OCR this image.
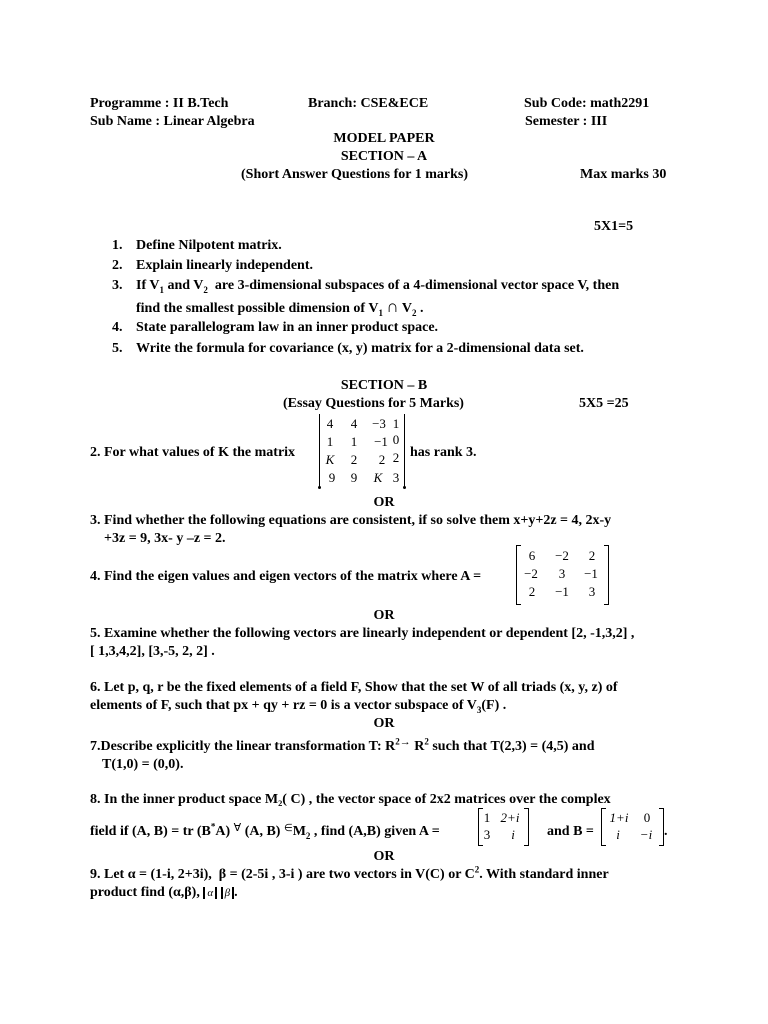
Programme : II B.Tech	Branch: CSE&ECE	Sub Code: math2291
Sub Name : Linear Algebra	Semester : III
MODEL PAPER
SECTION – A
(Short Answer Questions for 1 marks)	Max marks 30
5X1=5
1. Define Nilpotent matrix.
2. Explain linearly independent.
3. If $V_1$ and $V_2$  are 3-dimensional subspaces of a 4-dimensional vector space V, then
find the smallest possible dimension of $V_1$ ∩ $V_2$ .
4. State parallelogram law in an inner product space.
5. Write the formula for covariance (x, y) matrix for a 2-dimensional data set.
SECTION – B
(Essay Questions for 5 Marks)	5X5 =25
2. For what values of K the matrix
4 4	−3 1
1 1	−1 0
K 2 2 2
9 9 K 3
has rank 3.
OR
3. Find whether the following equations are consistent, if so solve them x+y+2z = 4, 2x-y
+3z = 9, 3x- y –z = 2.
4. Find the eigen values and eigen vectors of the matrix where A =
6	−2	2
−2	3	−1
2	−1	3
OR
5. Examine whether the following vectors are linearly independent or dependent [2, -1,3,2] ,
[ 1,3,4,2], [3,-5, 2, 2] .
6. Let p, q, r be the fixed elements of a field F, Show that the set W of all triads (x, y, z) of
elements of F, such that px + qy + rz = 0 is a vector subspace of $V_3(F)$ .
OR
7.Describe explicitly the linear transformation T: $R^{2\to}$ $R^2$ such that T(2,3) = (4,5) and
T(1,0) = (0,0).
8. In the inner product space M₂( C) , the vector space of 2x2 matrices over the complex
field if (A, B) = tr (B*A) ∀ (A, B) $^\in M_2$ , find (A,B) given A =
1 2+i
3	i	and B =
1+i	0
i	−i .
OR
9. Let α = (1-i, 2+3i),  β = (2-5i , 3-i ) are two vectors in V(C) or $C^2$. With standard inner
product find (α,β), α β .
